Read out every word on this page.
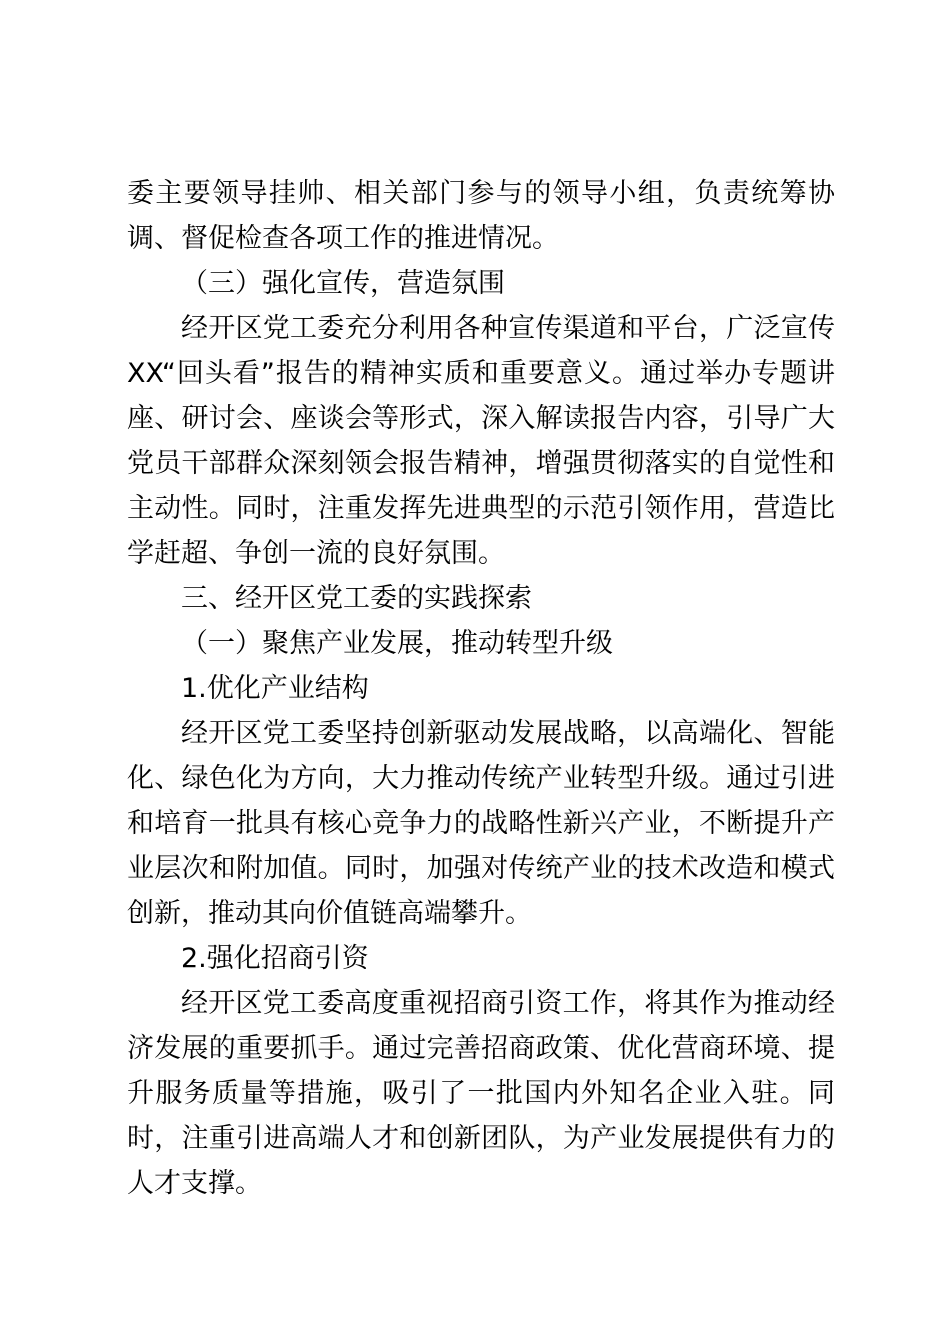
委主要领导挂帅、相关部门参与的领导小组，负责统筹协调、督促检查各项工作的推进情况。

（三）强化宣传，营造氛围

经开区党工委充分利用各种宣传渠道和平台，广泛宣传XX“回头看”报告的精神实质和重要意义。通过举办专题讲座、研讨会、座谈会等形式，深入解读报告内容，引导广大党员干部群众深刻领会报告精神，增强贯彻落实的自觉性和主动性。同时，注重发挥先进典型的示范引领作用，营造比学赶超、争创一流的良好氛围。

三、经开区党工委的实践探索

（一）聚焦产业发展，推动转型升级

1.优化产业结构

经开区党工委坚持创新驱动发展战略，以高端化、智能化、绿色化为方向，大力推动传统产业转型升级。通过引进和培育一批具有核心竞争力的战略性新兴产业，不断提升产业层次和附加值。同时，加强对传统产业的技术改造和模式创新，推动其向价值链高端攀升。

2.强化招商引资

经开区党工委高度重视招商引资工作，将其作为推动经济发展的重要抓手。通过完善招商政策、优化营商环境、提升服务质量等措施，吸引了一批国内外知名企业入驻。同时，注重引进高端人才和创新团队，为产业发展提供有力的人才支撑。
